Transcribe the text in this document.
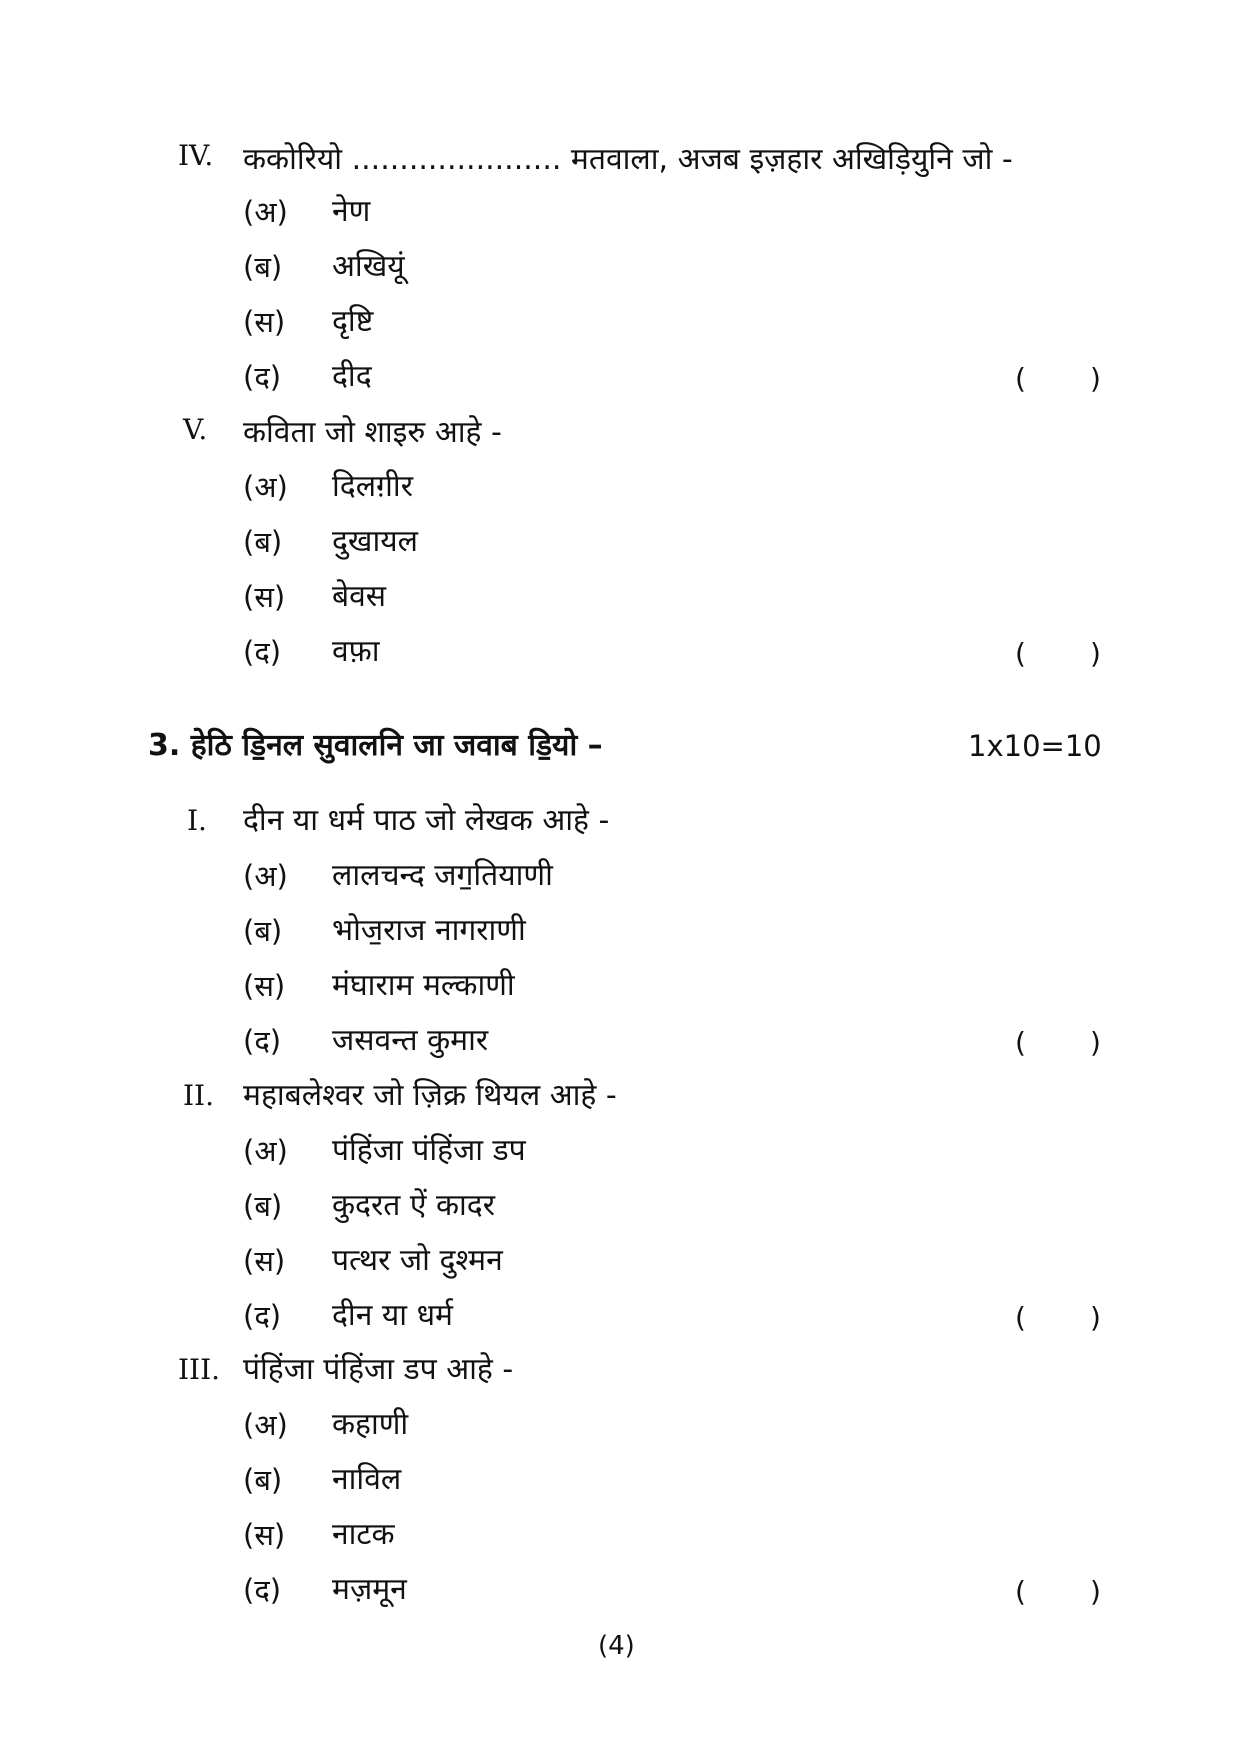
IV. ककोरियो ...................... मतवाला, अजब इज़हार अखिड़ियुनि जो -
(अ) नेण
(ब) अखियूं
(स) दृष्टि
(द) दीद	( )
V. कविता जो शाइरु आहे -
(अ) दिलग़ीर
(ब) दुखायल
(स) बेवस
(द) वफ़ा	( )
3. हेठि डि॒नल सुवालनि जा जवाब डि॒यो –	1x10=10
I. दीन या धर्म पाठ जो लेखक आहे -
(अ) लालचन्द जग॒तियाणी
(ब) भोज॒राज नागराणी
(स) मंघाराम मल्काणी
(द) जसवन्त कुमार	( )
II. महाबलेश्वर जो ज़िक्र थियल आहे -
(अ) पंहिंजा पंहिंजा डप
(ब) कुदरत ऐं कादर
(स) पत्थर जो दुश्मन
(द) दीन या धर्म	( )
III. पंहिंजा पंहिंजा डप आहे -
(अ) कहाणी
(ब) नाविल
(स) नाटक
(द) मज़मून	( )
(4)
